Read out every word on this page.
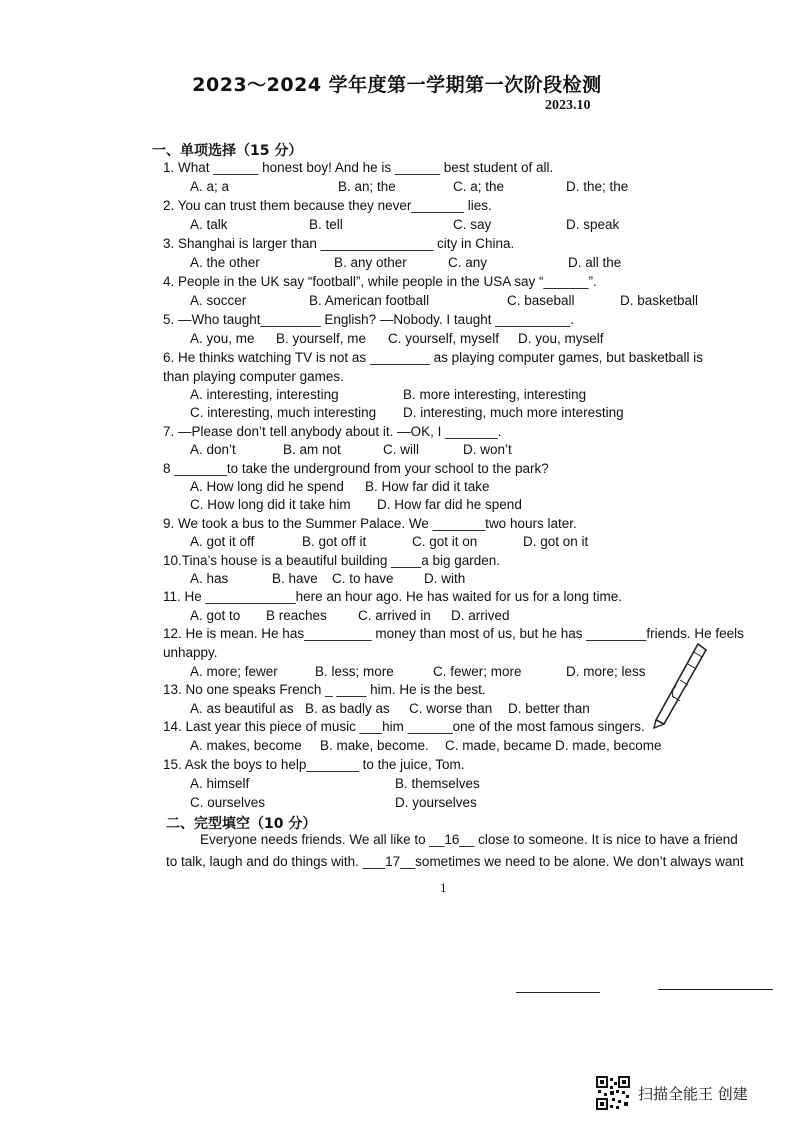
2023～2024 学年度第一学期第一次阶段检测
2023.10
一、单项选择（15 分）
1. What ______ honest boy! And he is ______ best student of all.
A. a; a	B. an; the	C. a; the	D. the; the
2. You can trust them because they never_______ lies.
A. talk	B. tell	C. say	D. speak
3. Shanghai is larger than _______________ city in China.
A. the other	B. any other	C. any	D. all the
4. People in the UK say “football”, while people in the USA say “______”.
A. soccer	B. American football	C. baseball	D. basketball
5. —Who taught________ English? —Nobody. I taught __________.
A. you, me B. yourself, me C. yourself, myself D. you, myself
6. He thinks watching TV is not as ________ as playing computer games, but basketball is
than playing computer games.
A. interesting, interesting	B. more interesting, interesting
C. interesting, much interesting D. interesting, much more interesting
7. —Please don’t tell anybody about it. —OK, I _______.
A. don’t	B. am not	C. will	D. won’t
8 _______to take the underground from your school to the park?
A. How long did he spend B. How far did it take
C. How long did it take him D. How far did he spend
9. We took a bus to the Summer Palace. We _______two hours later.
A. got it off	B. got off it	C. got it on	D. got on it
10.Tina’s house is a beautiful building ____a big garden.
A. has	B. have C. to have D. with
11. He ____________here an hour ago. He has waited for us for a long time.
A. got to B reaches C. arrived in D. arrived
12. He is mean. He has_________ money than most of us, but he has ________friends. He feels
unhappy.
A. more; fewer	B. less; more	C. fewer; more	D. more; less
13. No one speaks French _ ____ him. He is the best.
A. as beautiful as B. as badly as C. worse than D. better than
14. Last year this piece of music ___him ______one of the most famous singers.
A. makes, become B. make, become. C. made, became D. made, become
15. Ask the boys to help_______ to the juice, Tom.
A. himself	B. themselves
C. ourselves	D. yourselves
二、完型填空（10 分）
Everyone needs friends. We all like to __16__ close to someone. It is nice to have a friend
to talk, laugh and do things with. ___17__sometimes we need to be alone. We don’t always want
1
扫描全能王 创建
